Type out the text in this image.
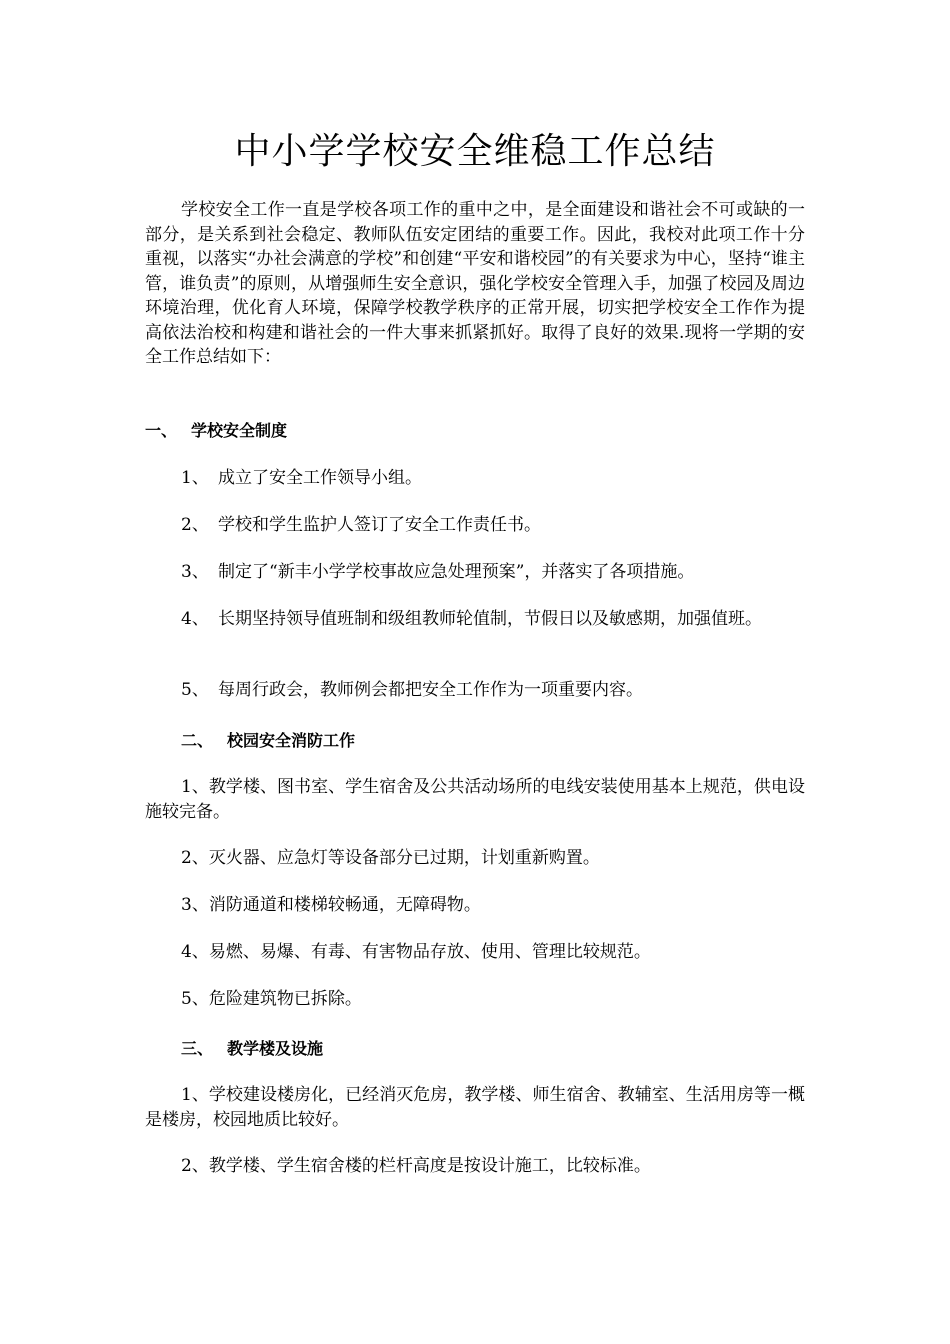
中小学学校安全维稳工作总结

学校安全工作一直是学校各项工作的重中之中，是全面建设和谐社会不可或缺的一部分，是关系到社会稳定、教师队伍安定团结的重要工作。因此，我校对此项工作十分重视，以落实“办社会满意的学校”和创建“平安和谐校园”的有关要求为中心，坚持“谁主管，谁负责”的原则，从增强师生安全意识，强化学校安全管理入手，加强了校园及周边环境治理，优化育人环境，保障学校教学秩序的正常开展，切实把学校安全工作作为提高依法治校和构建和谐社会的一件大事来抓紧抓好。取得了良好的效果.现将一学期的安全工作总结如下：

一、 学校安全制度

1、 成立了安全工作领导小组。

2、 学校和学生监护人签订了安全工作责任书。

3、 制定了“新丰小学学校事故应急处理预案”，并落实了各项措施。

4、 长期坚持领导值班制和级组教师轮值制，节假日以及敏感期，加强值班。

5、 每周行政会，教师例会都把安全工作作为一项重要内容。

二、 校园安全消防工作

1、教学楼、图书室、学生宿舍及公共活动场所的电线安装使用基本上规范，供电设施较完备。

2、灭火器、应急灯等设备部分已过期，计划重新购置。

3、消防通道和楼梯较畅通，无障碍物。

4、易燃、易爆、有毒、有害物品存放、使用、管理比较规范。

5、危险建筑物已拆除。

三、 教学楼及设施

1、学校建设楼房化，已经消灭危房，教学楼、师生宿舍、教辅室、生活用房等一概是楼房，校园地质比较好。

2、教学楼、学生宿舍楼的栏杆高度是按设计施工，比较标准。
